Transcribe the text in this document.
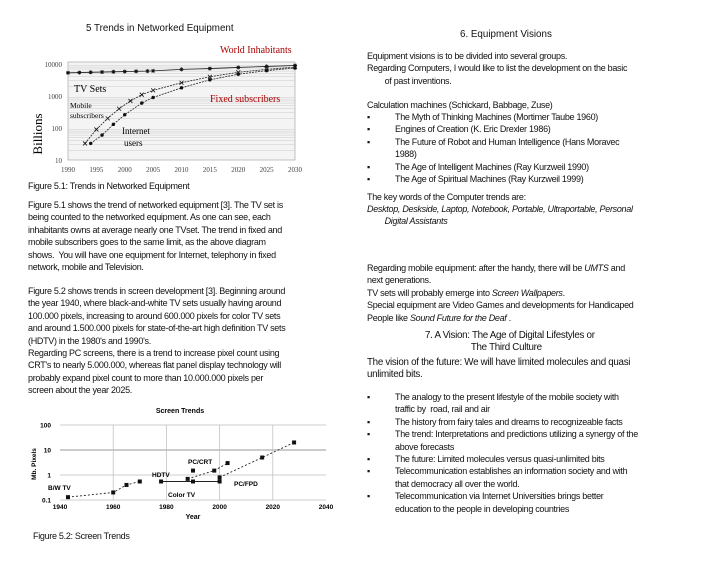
5 Trends in Networked Equipment
6. Equipment Visions
10
100
1000
10000
1990 1995 2000 2005 2010 2015 2020 2025 2030
World Inhabitants
TV Sets
Mobile subscribers
Internet users
Fixed subscribers
Billions
Figure 5.1: Trends in Networked Equipment
Figure 5.1 shows the trend of networked equipment [3]. The TV set is
being counted to the networked equipment. As one can see, each
inhabitants owns at average nearly one TVset. The trend in fixed and
mobile subscribers goes to the same limit, as the above diagram
shows.  You will have one equipment for Internet, telephony in fixed
network, mobile and Television.
Figure 5.2 shows trends in screen development [3]. Beginning around
the year 1940, where black-and-white TV sets usually having around
100.000 pixels, increasing to around 600.000 pixels for color TV sets
and around 1.500.000 pixels for state-of-the-art high definition TV sets
(HDTV) in the 1980's and 1990's.
Regarding PC screens, there is a trend to increase pixel count using
CRT's to nearly 5.000.000, whereas flat panel display technology will
probably expand pixel count to more than 10.000.000 pixels per
screen about the year 2025.
Screen Trends
0.1
1
10
100
1940	1960	1980	2000	2020	2040
Year
Mb. Pixels
B/W TV
Color TV
HDTV
PC/CRT
PC/FPD
Figure 5.2: Screen Trends
Equipment visions is to be divided into several groups.
Regarding Computers, I would like to list the development on the basic
of past inventions.
Calculation machines (Schickard, Babbage, Zuse)
▪	The Myth of Thinking Machines (Mortimer Taube 1960)
▪	Engines of Creation (K. Eric Drexler 1986)
▪	The Future of Robot and Human Intelligence (Hans Moravec
1988)
▪	The Age of Intelligent Machines (Ray Kurzweil 1990)
▪	The Age of Spiritual Machines (Ray Kurzweil 1999)
The key words of the Computer trends are:
Desktop, Deskside, Laptop, Notebook, Portable, Ultraportable, Personal
Digital Assistants
Regarding mobile equipment: after the handy, there will be UMTS and
next generations.
TV sets will probably emerge into Screen Wallpapers.
Special equipment are Video Games and developments for Handicaped
People like Sound Future for the Deaf .
7. A Vision: The Age of Digital Lifestyles or
The Third Culture
The vision of the future: We will have limited molecules and quasi
unlimited bits.
▪	The analogy to the present lifestyle of the mobile society with
traffic by  road, rail and air
▪	The history from fairy tales and dreams to recognizeable facts
▪	The trend: Interpretations and predictions utilizing a synergy of the
above forecasts
▪	The future: Limited molecules versus quasi-unlimited bits
▪	Telecommunication establishes an information society and with
that democracy all over the world.
▪	Telecommunication via Internet Universities brings better
education to the people in developing countries
